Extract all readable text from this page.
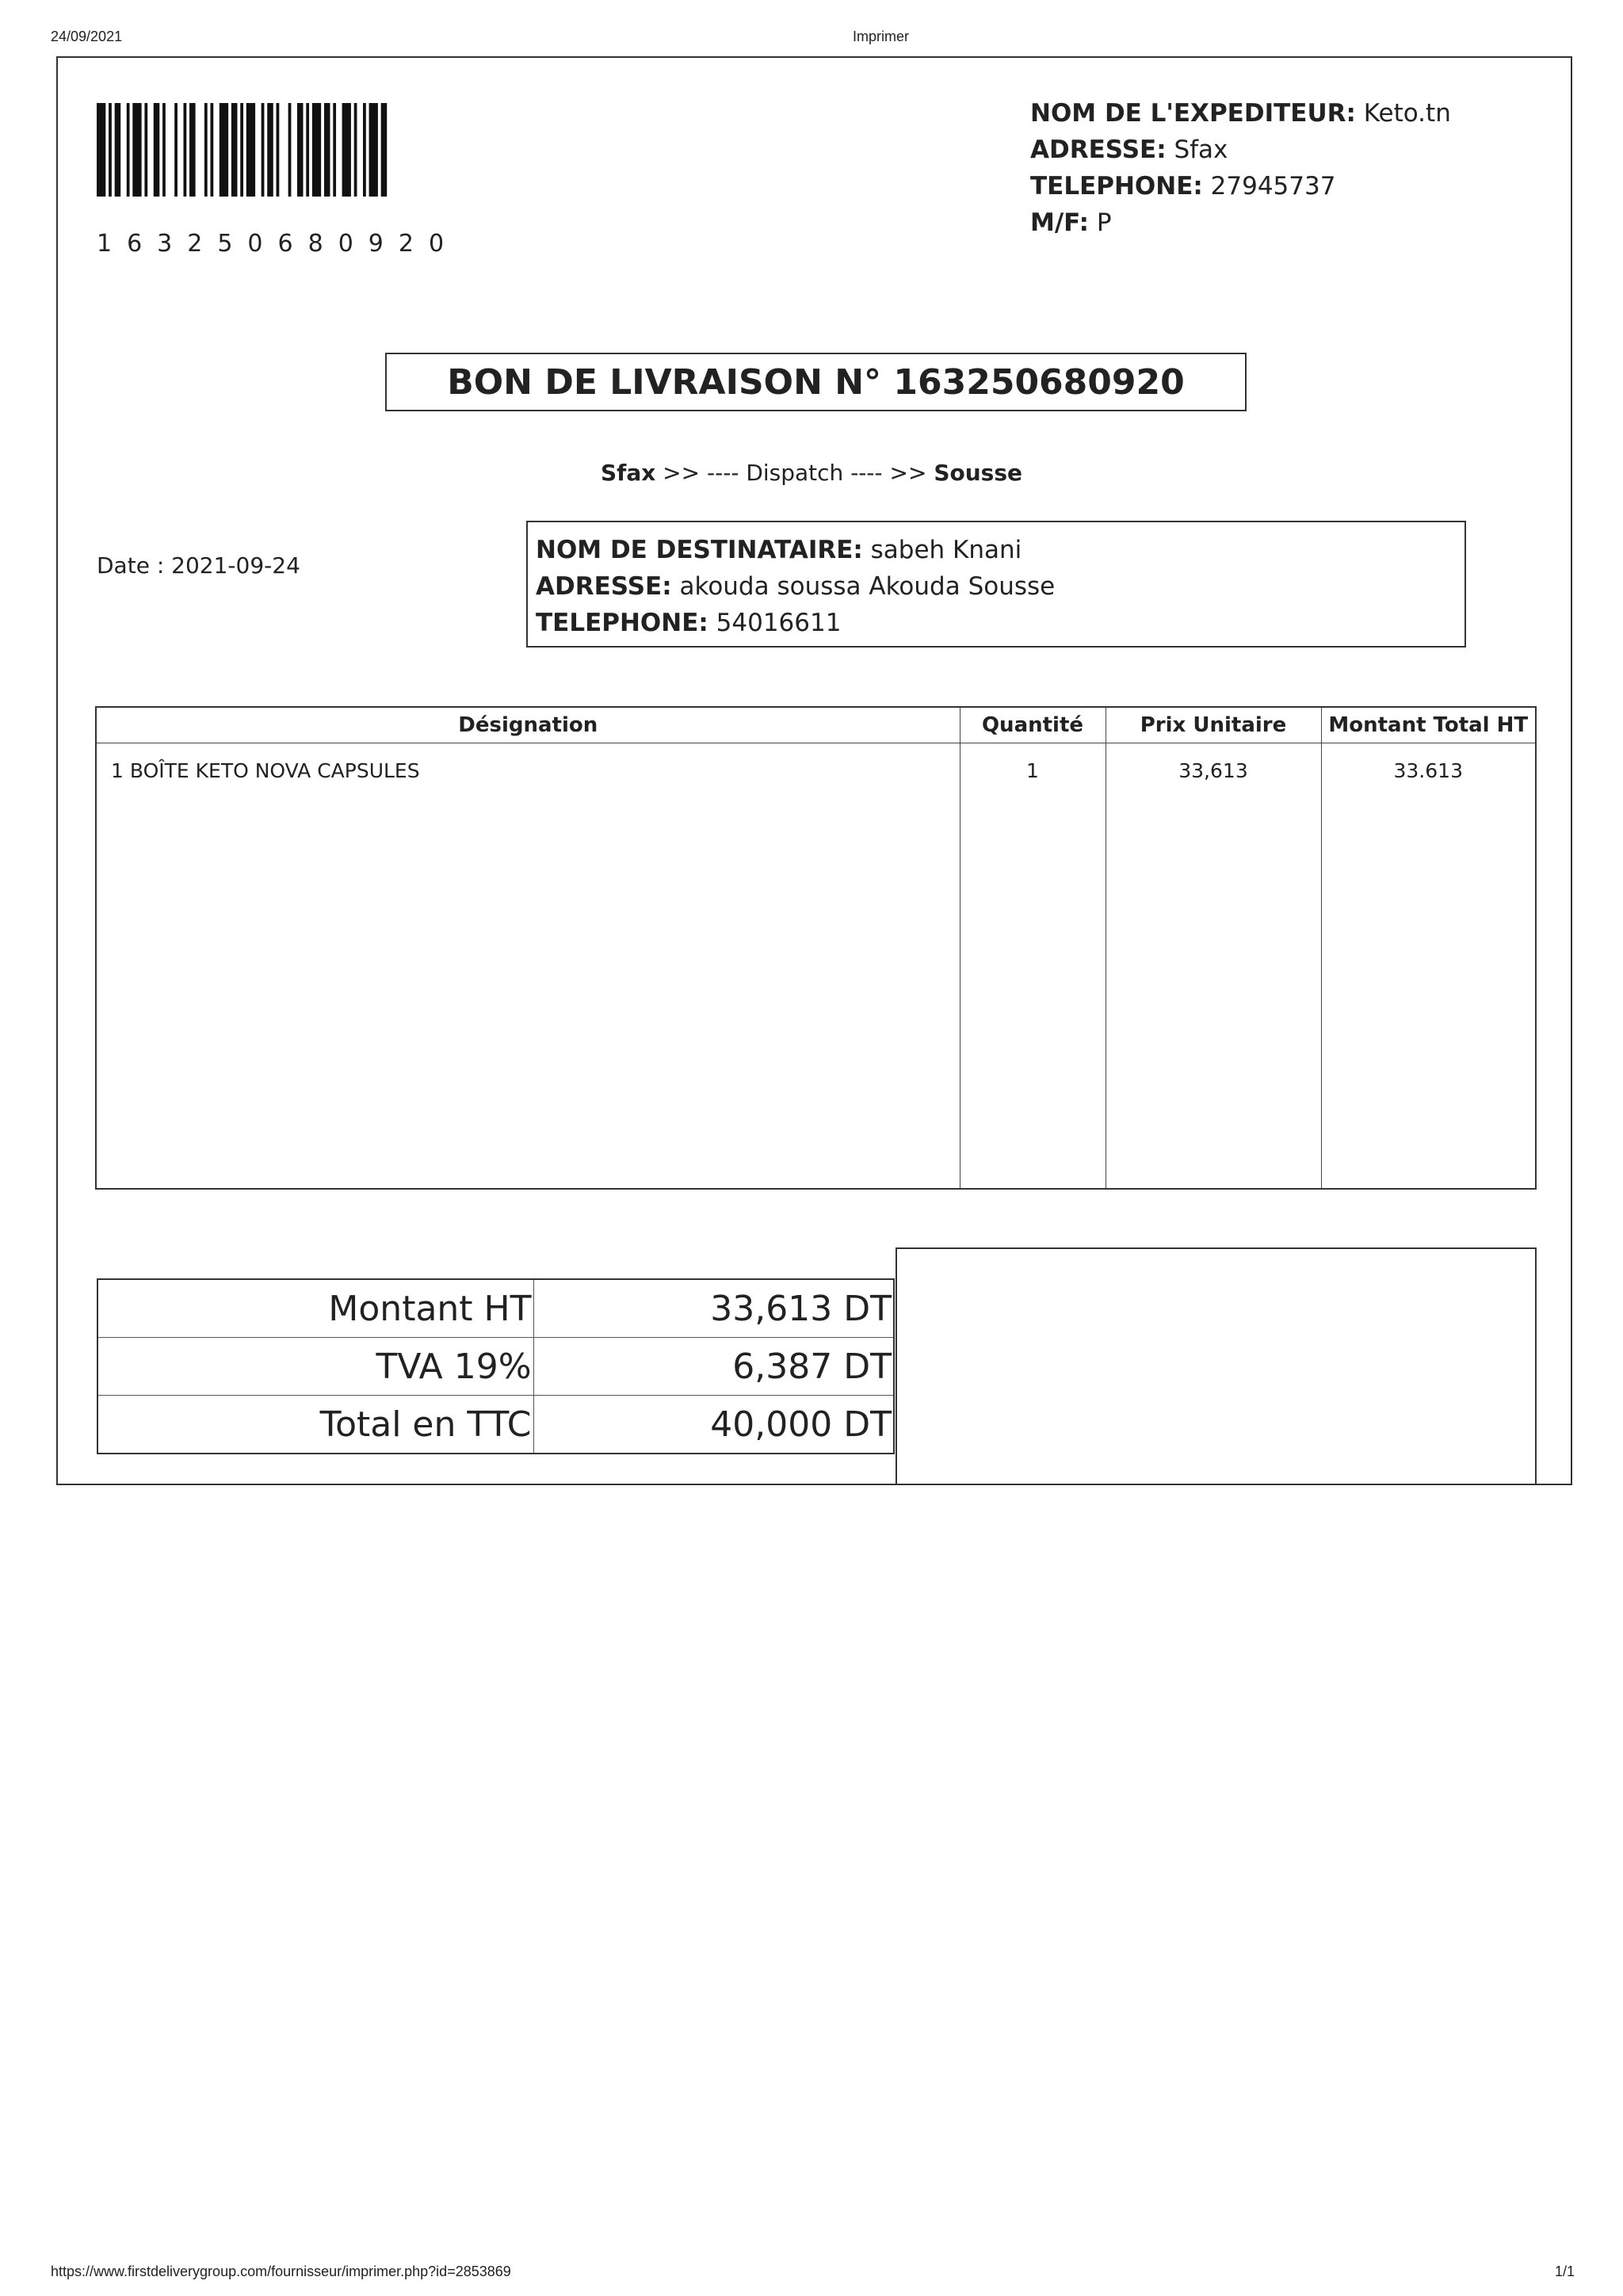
24/09/2021	Imprimer
https://www.firstdeliverygroup.com/fournisseur/imprimer.php?id=2853869	1/1
163250680920
NOM DE L'EXPEDITEUR: Keto.tn
ADRESSE: Sfax
TELEPHONE: 27945737
M/F: P
BON DE LIVRAISON N° 163250680920
Sfax >> ---- Dispatch ---- >> Sousse
Date : 2021-09-24
NOM DE DESTINATAIRE: sabeh Knani
ADRESSE: akouda soussa Akouda Sousse
TELEPHONE: 54016611
Désignation	Quantité	Prix Unitaire	Montant Total HT
1 BOÎTE KETO NOVA CAPSULES	1	33,613	33.613
Montant HT	33,613 DT
TVA 19%	6,387 DT
Total en TTC	40,000 DT
